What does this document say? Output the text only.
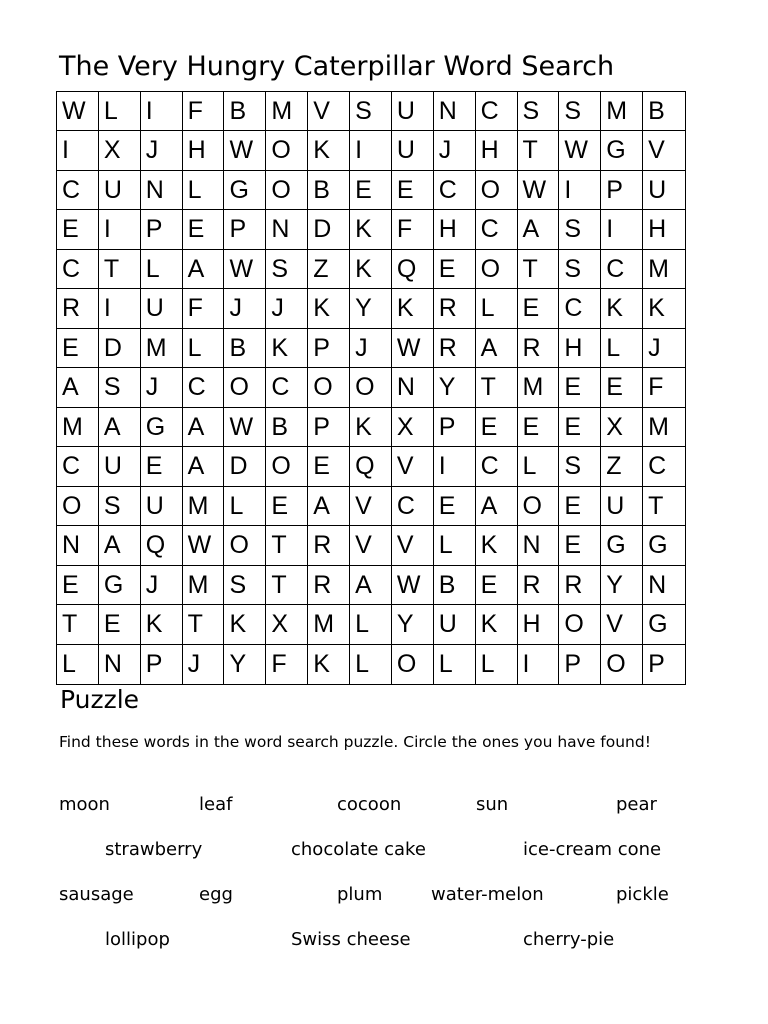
The Very Hungry Caterpillar Word Search
W L	I	F	B	M V	S	U N C S	S	M B
I	X	J	H W O K	I	U J	H T	W G V
C U N L	G O B	E	E	C O W I	P	U
E	I	P	E	P	N D K	F	H C A	S	I	H
C T	L	A	W S	Z	K	Q E	O T	S	C M
R I	U F	J	J	K	Y	K	R L	E	C K	K
E	D M L	B	K	P	J	W R A	R H L	J
A	S	J	C O C O O N Y	T	M E	E	F
M A	G A	W B	P	K	X	P	E	E	E	X	M
C U E	A	D O E	Q V	I	C L	S	Z	C
O S	U M L	E	A	V	C E	A	O E	U T
N A	Q W O T	R V	V	L	K	N E	G G
E	G J	M S	T	R A	W B	E	R R Y	N
T	E	K	T	K	X	M L	Y	U K	H O V	G
L	N P	J	Y	F	K	L	O L	L	I	P	O P
Puzzle
Find these words in the word search puzzle. Circle the ones you have found!
moon	leaf	cocoon	sun	pear
strawberry	chocolate cake	ice-cream cone
sausage	egg	plum	water-melon	pickle
lollipop	Swiss cheese	cherry-pie
